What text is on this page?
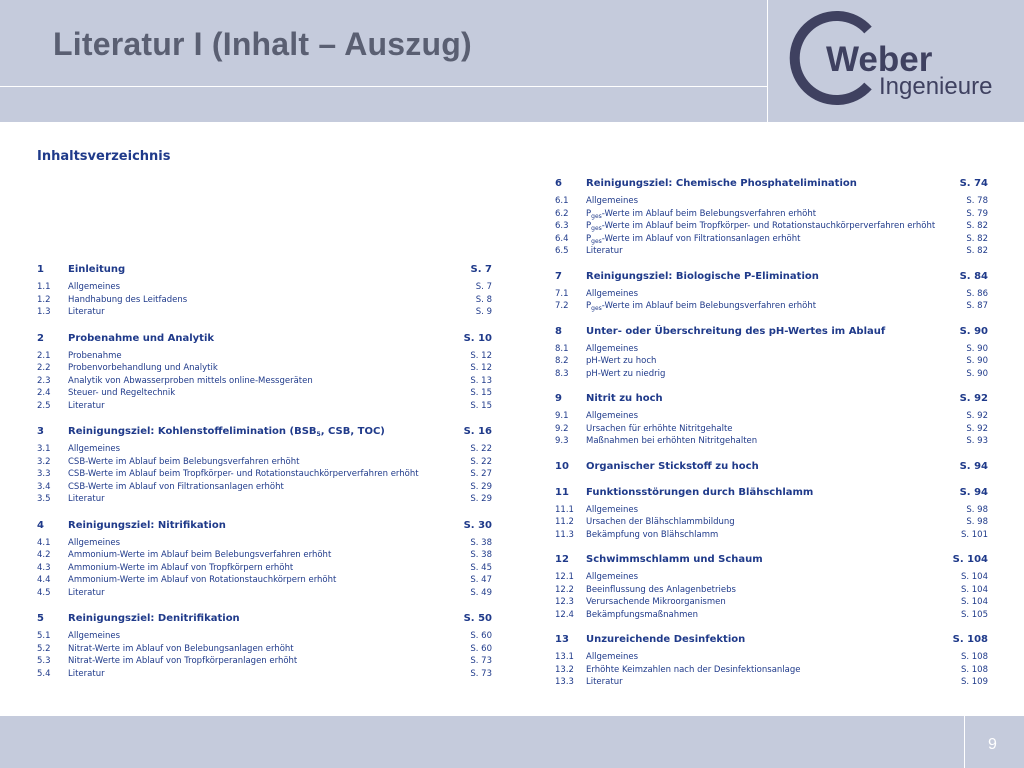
Literatur I (Inhalt – Auszug)	Weber
Ingenieure
Inhaltsverzeichnis
1	Einleitung	S. 7
1.1	Allgemeines	S. 7
1.2	Handhabung des Leitfadens	S. 8
1.3	Literatur	S. 9
2	Probenahme und Analytik	S. 10
2.1	Probenahme	S. 12
2.2	Probenvorbehandlung und Analytik	S. 12
2.3	Analytik von Abwasserproben mittels online-Messgeräten	S. 13
2.4	Steuer- und Regeltechnik	S. 15
2.5	Literatur	S. 15
3	Reinigungsziel: Kohlenstoffelimination ($BSB_5$, CSB, TOC)	S. 16
3.1	Allgemeines	S. 22
3.2	CSB-Werte im Ablauf beim Belebungsverfahren erhöht	S. 22
3.3	CSB-Werte im Ablauf beim Tropfkörper- und Rotationstauchkörperverfahren erhöht	S. 27
3.4	CSB-Werte im Ablauf von Filtrationsanlagen erhöht	S. 29
3.5	Literatur	S. 29
4	Reinigungsziel: Nitrifikation	S. 30
4.1	Allgemeines	S. 38
4.2	Ammonium-Werte im Ablauf beim Belebungsverfahren erhöht	S. 38
4.3	Ammonium-Werte im Ablauf von Tropfkörpern erhöht	S. 45
4.4	Ammonium-Werte im Ablauf von Rotationstauchkörpern erhöht	S. 47
4.5	Literatur	S. 49
5	Reinigungsziel: Denitrifikation	S. 50
5.1	Allgemeines	S. 60
5.2	Nitrat-Werte im Ablauf von Belebungsanlagen erhöht	S. 60
5.3	Nitrat-Werte im Ablauf von Tropfkörperanlagen erhöht	S. 73
5.4	Literatur	S. 73
6	Reinigungsziel: Chemische Phosphatelimination	S. 74
6.1	Allgemeines	S. 78
6.2	$P_{ges}$-Werte im Ablauf beim Belebungsverfahren erhöht	S. 79
6.3	$P_{ges}$-Werte im Ablauf beim Tropfkörper- und Rotationstauchkörperverfahren erhöht	S. 82
6.4	$P_{ges}$-Werte im Ablauf von Filtrationsanlagen erhöht	S. 82
6.5	Literatur	S. 82
7	Reinigungsziel: Biologische P-Elimination	S. 84
7.1	Allgemeines	S. 86
7.2	$P_{ges}$-Werte im Ablauf beim Belebungsverfahren erhöht	S. 87
8	Unter- oder Überschreitung des pH-Wertes im Ablauf	S. 90
8.1	Allgemeines	S. 90
8.2	pH-Wert zu hoch	S. 90
8.3	pH-Wert zu niedrig	S. 90
9	Nitrit zu hoch	S. 92
9.1	Allgemeines	S. 92
9.2	Ursachen für erhöhte Nitritgehalte	S. 92
9.3	Maßnahmen bei erhöhten Nitritgehalten	S. 93
10	Organischer Stickstoff zu hoch	S. 94
11	Funktionsstörungen durch Blähschlamm	S. 94
11.1	Allgemeines	S. 98
11.2	Ursachen der Blähschlammbildung	S. 98
11.3	Bekämpfung von Blähschlamm	S. 101
12	Schwimmschlamm und Schaum	S. 104
12.1	Allgemeines	S. 104
12.2	Beeinflussung des Anlagenbetriebs	S. 104
12.3	Verursachende Mikroorganismen	S. 104
12.4	Bekämpfungsmaßnahmen	S. 105
13	Unzureichende Desinfektion	S. 108
13.1	Allgemeines	S. 108
13.2	Erhöhte Keimzahlen nach der Desinfektionsanlage	S. 108
13.3	Literatur	S. 109
9
